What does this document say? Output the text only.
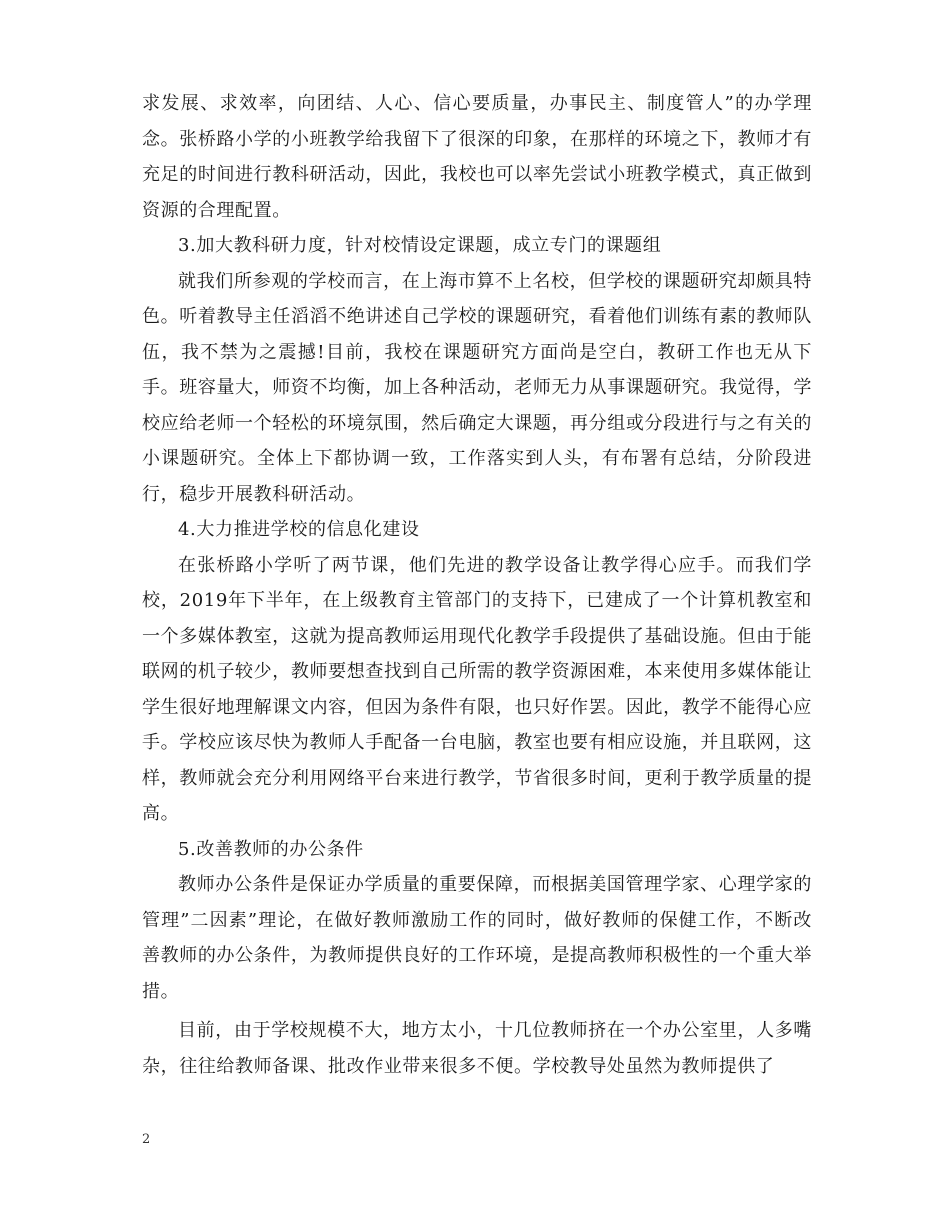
求发展、求效率，向团结、人心、信心要质量，办事民主、制度管人”的办学理念。张桥路小学的小班教学给我留下了很深的印象，在那样的环境之下，教师才有充足的时间进行教科研活动，因此，我校也可以率先尝试小班教学模式，真正做到资源的合理配置。

3.加大教科研力度，针对校情设定课题，成立专门的课题组

就我们所参观的学校而言，在上海市算不上名校，但学校的课题研究却颇具特色。听着教导主任滔滔不绝讲述自己学校的课题研究，看着他们训练有素的教师队伍，我不禁为之震撼!目前，我校在课题研究方面尚是空白，教研工作也无从下手。班容量大，师资不均衡，加上各种活动，老师无力从事课题研究。我觉得，学校应给老师一个轻松的环境氛围，然后确定大课题，再分组或分段进行与之有关的小课题研究。全体上下都协调一致，工作落实到人头，有布署有总结，分阶段进行，稳步开展教科研活动。

4.大力推进学校的信息化建设

在张桥路小学听了两节课，他们先进的教学设备让教学得心应手。而我们学校，2019年下半年，在上级教育主管部门的支持下，已建成了一个计算机教室和一个多媒体教室，这就为提高教师运用现代化教学手段提供了基础设施。但由于能联网的机子较少，教师要想查找到自己所需的教学资源困难，本来使用多媒体能让学生很好地理解课文内容，但因为条件有限，也只好作罢。因此，教学不能得心应手。学校应该尽快为教师人手配备一台电脑，教室也要有相应设施，并且联网，这样，教师就会充分利用网络平台来进行教学，节省很多时间，更利于教学质量的提高。

5.改善教师的办公条件

教师办公条件是保证办学质量的重要保障，而根据美国管理学家、心理学家的管理”二因素”理论，在做好教师激励工作的同时，做好教师的保健工作，不断改善教师的办公条件，为教师提供良好的工作环境，是提高教师积极性的一个重大举措。

目前，由于学校规模不大，地方太小，十几位教师挤在一个办公室里，人多嘴杂，往往给教师备课、批改作业带来很多不便。学校教导处虽然为教师提供了

2
